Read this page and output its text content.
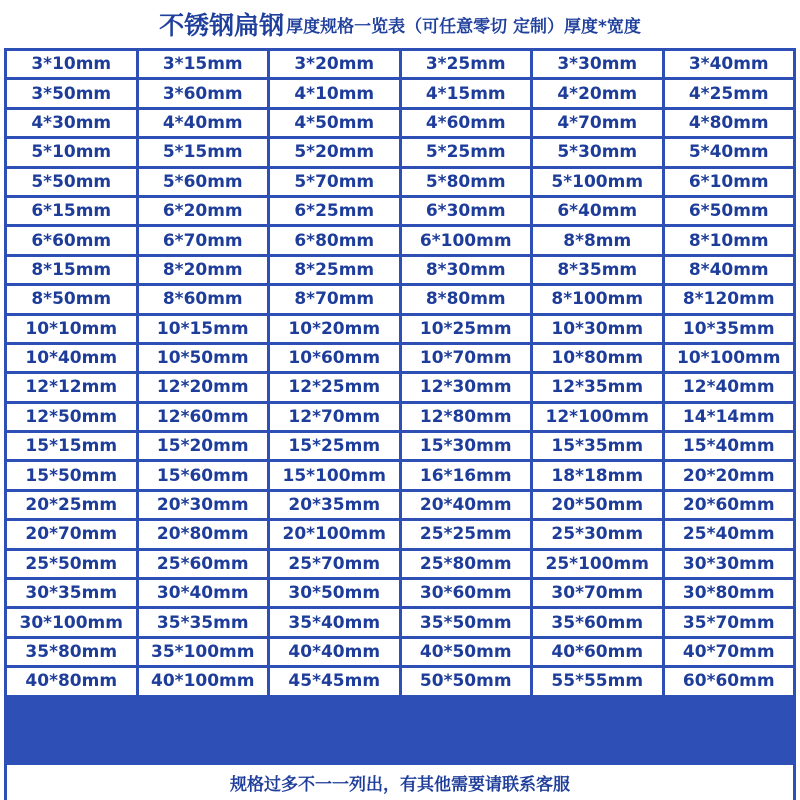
不锈钢扁钢 厚度规格一览表（可任意零切 定制）厚度*宽度
3*10mm	3*15mm	3*20mm	3*25mm	3*30mm	3*40mm
3*50mm	3*60mm	4*10mm	4*15mm	4*20mm	4*25mm
4*30mm	4*40mm	4*50mm	4*60mm	4*70mm	4*80mm
5*10mm	5*15mm	5*20mm	5*25mm	5*30mm	5*40mm
5*50mm	5*60mm	5*70mm	5*80mm	5*100mm	6*10mm
6*15mm	6*20mm	6*25mm	6*30mm	6*40mm	6*50mm
6*60mm	6*70mm	6*80mm	6*100mm	8*8mm	8*10mm
8*15mm	8*20mm	8*25mm	8*30mm	8*35mm	8*40mm
8*50mm	8*60mm	8*70mm	8*80mm	8*100mm	8*120mm
10*10mm	10*15mm	10*20mm	10*25mm	10*30mm	10*35mm
10*40mm	10*50mm	10*60mm	10*70mm	10*80mm	10*100mm
12*12mm	12*20mm	12*25mm	12*30mm	12*35mm	12*40mm
12*50mm	12*60mm	12*70mm	12*80mm	12*100mm	14*14mm
15*15mm	15*20mm	15*25mm	15*30mm	15*35mm	15*40mm
15*50mm	15*60mm	15*100mm	16*16mm	18*18mm	20*20mm
20*25mm	20*30mm	20*35mm	20*40mm	20*50mm	20*60mm
20*70mm	20*80mm	20*100mm	25*25mm	25*30mm	25*40mm
25*50mm	25*60mm	25*70mm	25*80mm	25*100mm	30*30mm
30*35mm	30*40mm	30*50mm	30*60mm	30*70mm	30*80mm
30*100mm	35*35mm	35*40mm	35*50mm	35*60mm	35*70mm
35*80mm	35*100mm	40*40mm	40*50mm	40*60mm	40*70mm
40*80mm	40*100mm	45*45mm	50*50mm	55*55mm	60*60mm
规格过多不一一列出，有其他需要请联系客服
